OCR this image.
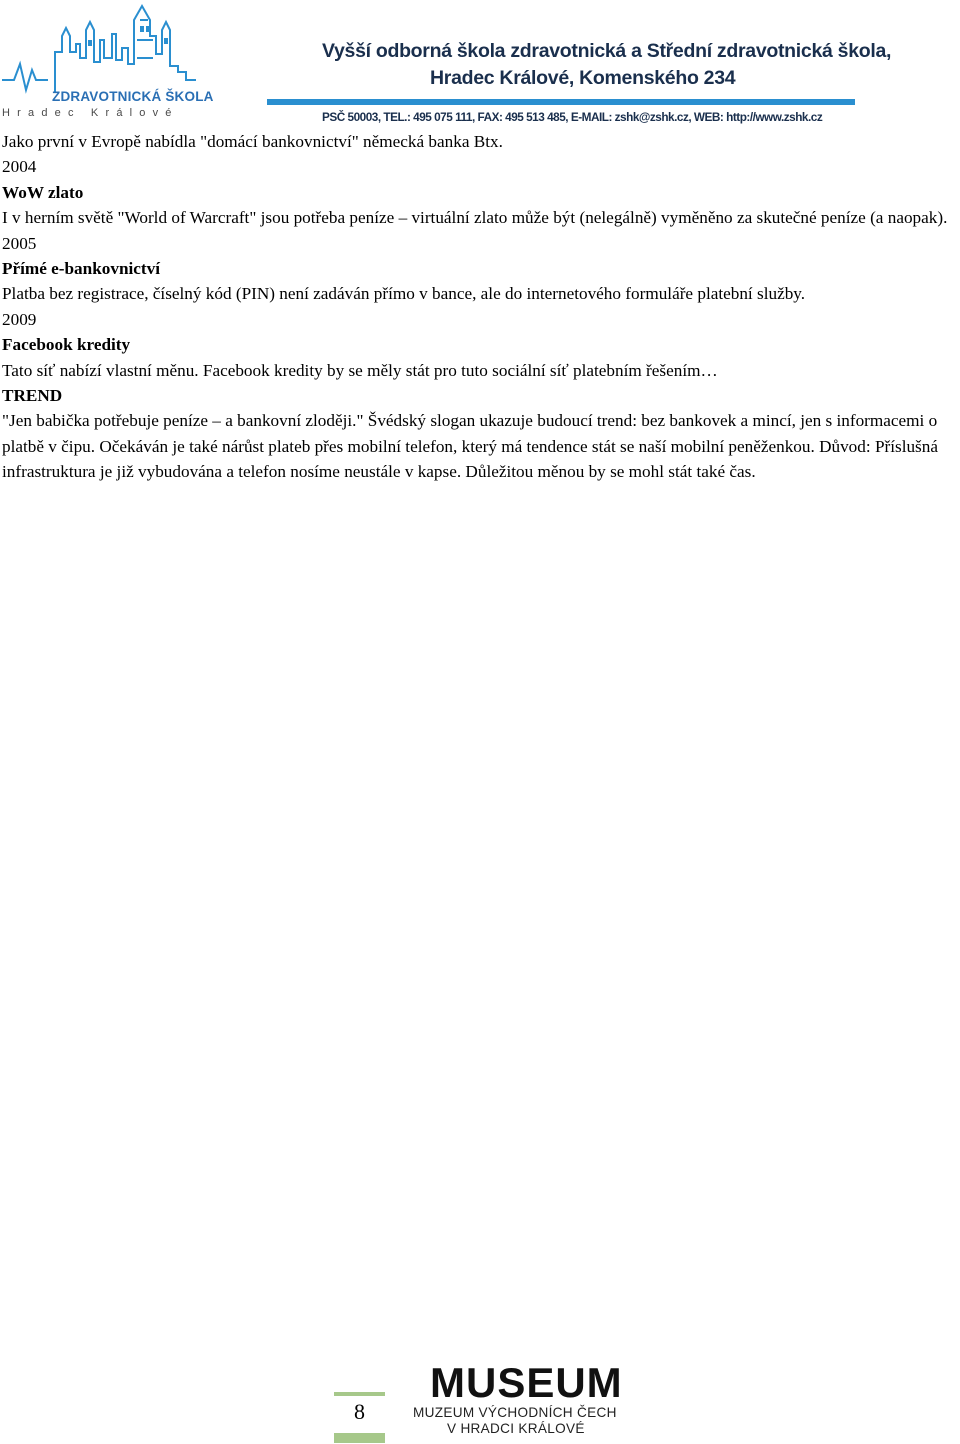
ZDRAVOTNICKÁ ŠKOLA
Hradec Králové
Vyšší odborná škola zdravotnická a Střední zdravotnická škola,
Hradec Králové, Komenského 234
PSČ 50003, TEL.: 495 075 111, FAX: 495 513 485, E-MAIL: zshk@zshk.cz, WEB: http://www.zshk.cz

Jako první v Evropě nabídla "domácí bankovnictví" německá banka Btx.

2004

WoW zlato

I v herním světě "World of Warcraft" jsou potřeba peníze – virtuální zlato může být (nelegálně) vyměněno za skutečné peníze (a naopak).

2005

Přímé e-bankovnictví

Platba bez registrace, číselný kód (PIN) není zadáván přímo v bance, ale do internetového formuláře platební služby.

2009

Facebook kredity

Tato síť nabízí vlastní měnu. Facebook kredity by se měly stát pro tuto sociální síť platebním řešením…

TREND

"Jen babička potřebuje peníze – a bankovní zloději." Švédský slogan ukazuje budoucí trend: bez bankovek a mincí, jen s informacemi o platbě v čipu. Očekáván je také nárůst plateb přes mobilní telefon, který má tendence stát se naší mobilní peněženkou. Důvod: Příslušná infrastruktura je již vybudována a telefon nosíme neustále v kapse. Důležitou měnou by se mohl stát také čas.

8
MUSEUM
MUZEUM VÝCHODNÍCH ČECH
V HRADCI KRÁLOVÉ
